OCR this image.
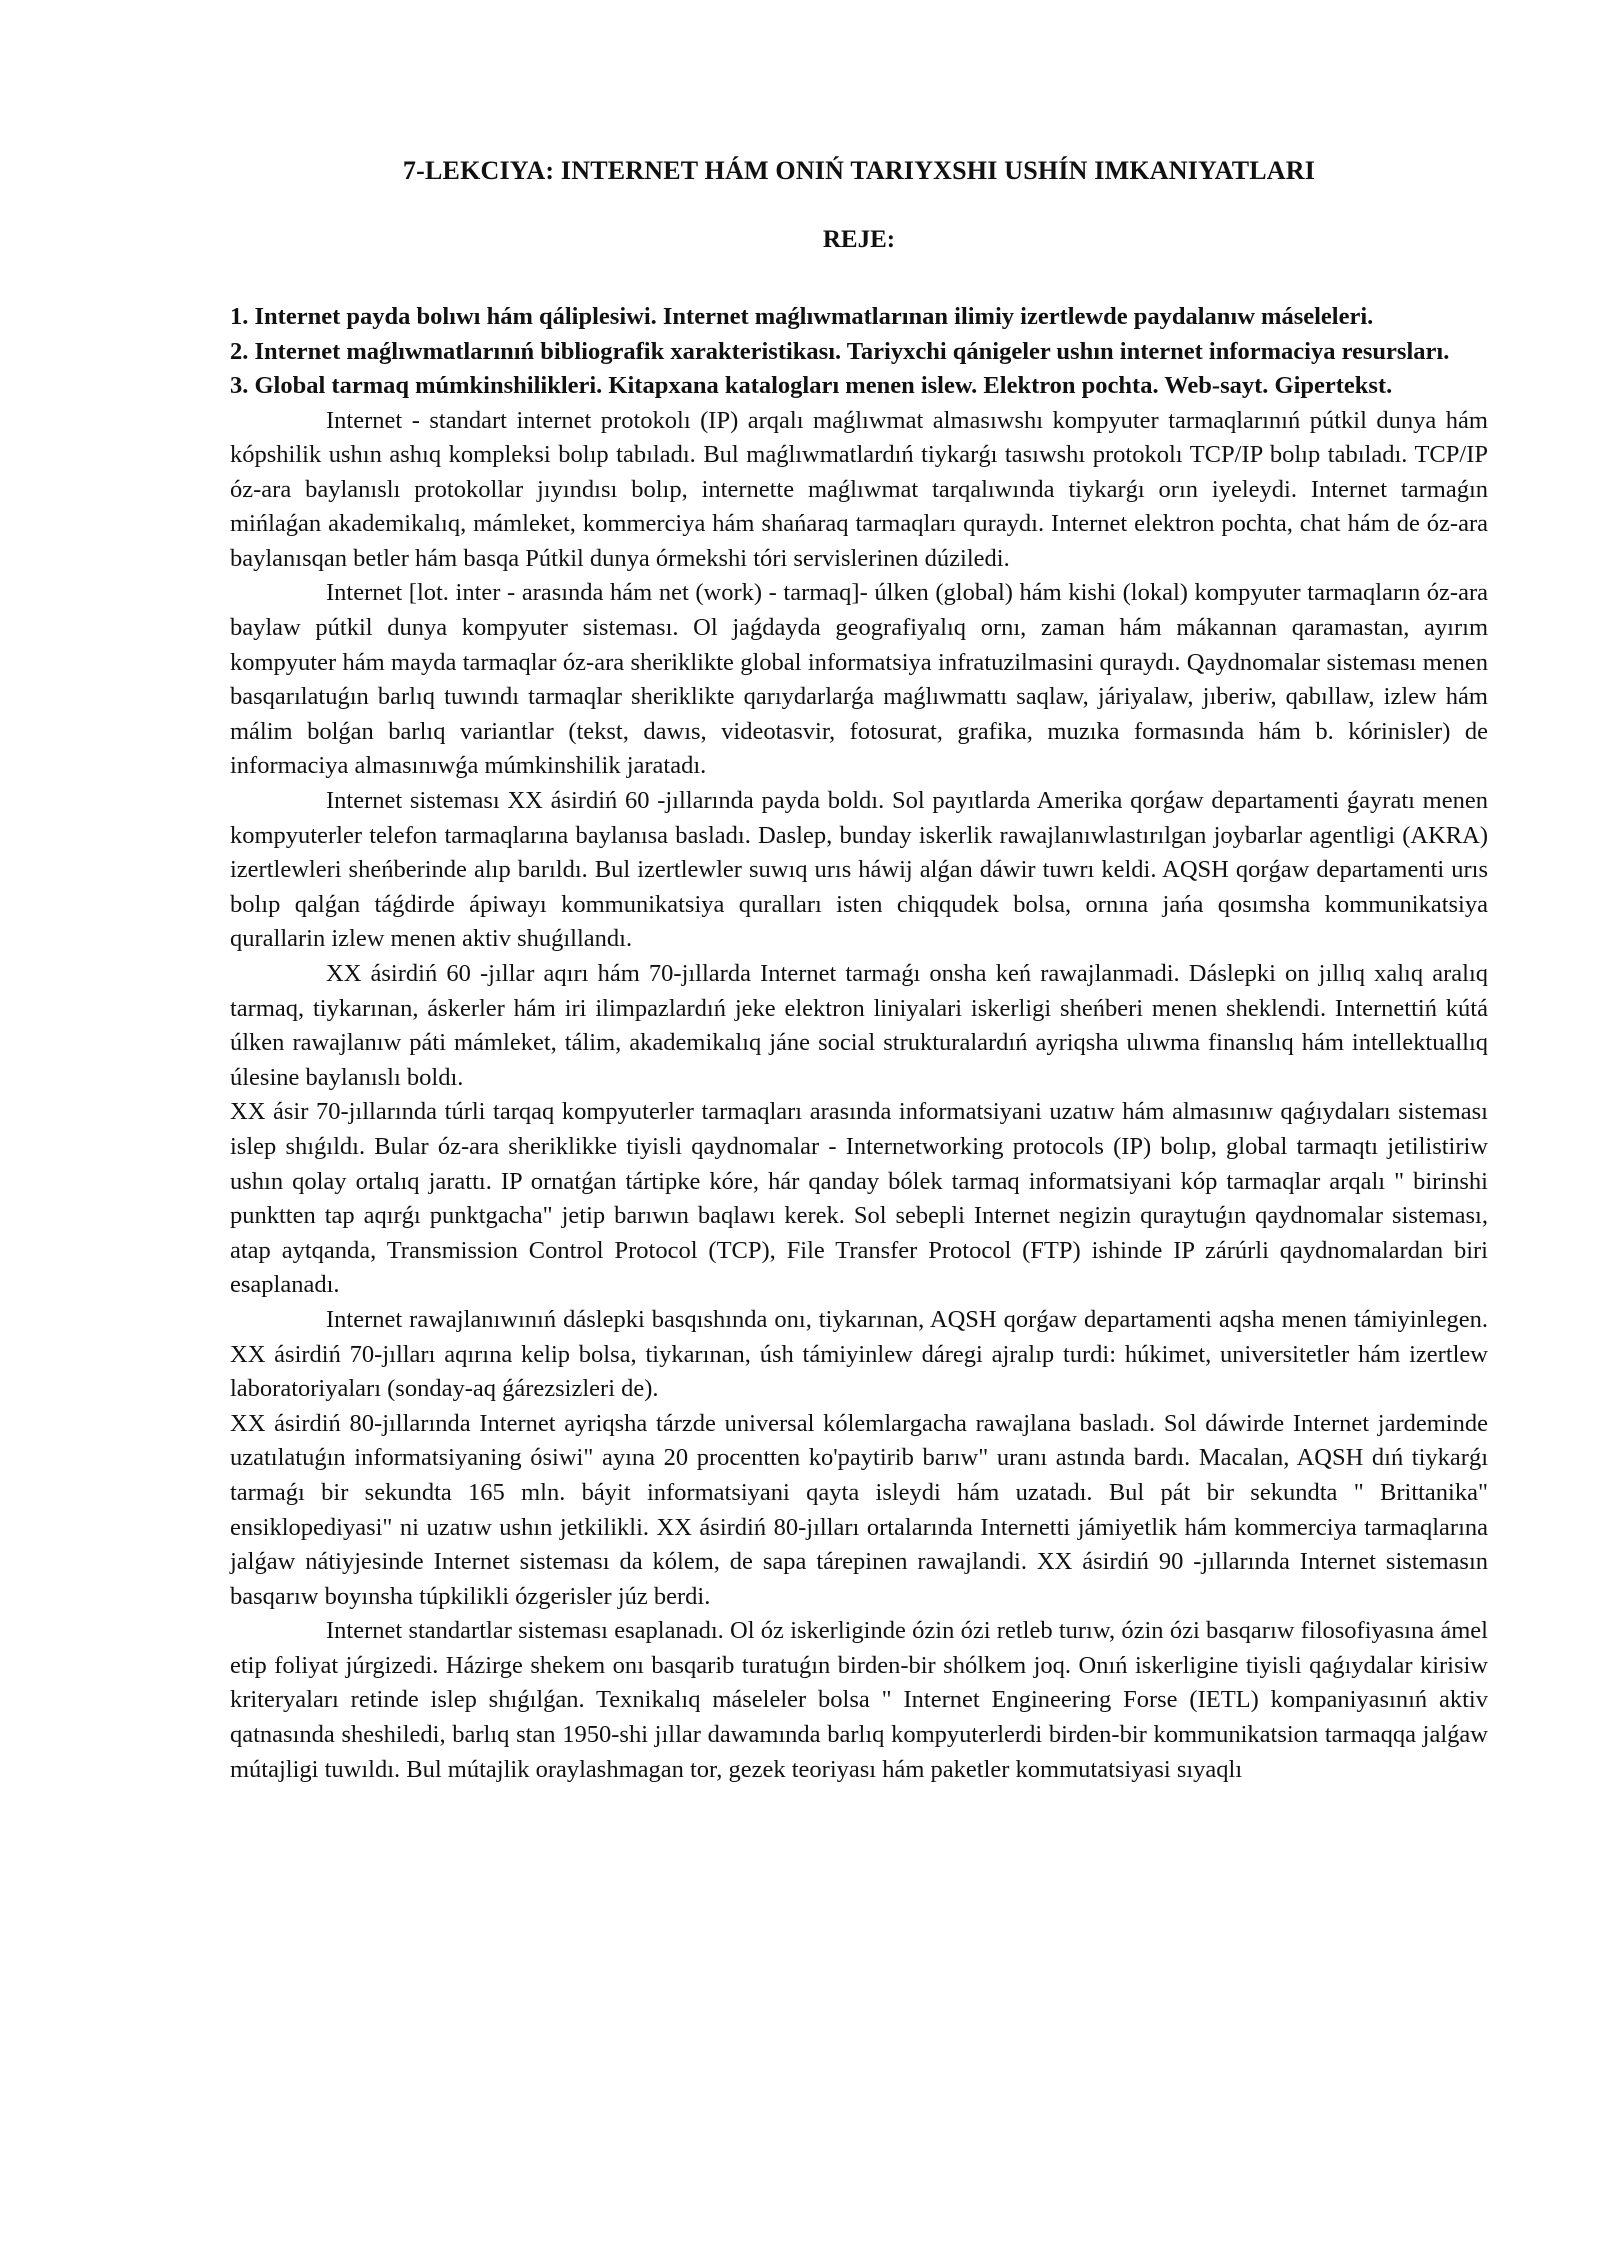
7-LEKCIYA: INTERNET HÁM ONIŃ TARIYXSHI USHÍN IMKANIYATLARI
REJE:
1. Internet payda bolıwı hám qáliplesiwi. Internet maǵlıwmatlarınan ilimiy izertlewde paydalanıw máseleleri.
2. Internet maǵlıwmatlarınıń bibliografik xarakteristikası. Tariyxchi qánigeler ushın internet informaciya resursları.
3. Global tarmaq múmkinshilikleri. Kitapxana katalogları menen islew. Elektron pochta. Web-sayt. Gipertekst.

Internet - standart internet protokolı (IP) arqalı maǵlıwmat almasıwshı kompyuter tarmaqlarınıń pútkil dunya hám kópshilik ushın ashıq kompleksi bolıp tabıladı. Bul maǵlıwmatlardıń tiykarǵı tasıwshı protokolı TCP/IP bolıp tabıladı. TCP/IP óz-ara baylanıslı protokollar jıyındısı bolıp, internette maǵlıwmat tarqalıwında tiykarǵı orın iyeleydi. Internet tarmaǵın mińlaǵan akademikalıq, mámleket, kommerciya hám shańaraq tarmaqları quraydı. Internet elektron pochta, chat hám de óz-ara baylanısqan betler hám basqa Pútkil dunya órmekshi tóri servislerinen dúziledi.

Internet [lot. inter - arasında hám net (work) - tarmaq]- úlken (global) hám kishi (lokal) kompyuter tarmaqların óz-ara baylaw pútkil dunya kompyuter sisteması. Ol jaǵdayda geografiyalıq ornı, zaman hám mákannan qaramastan, ayırım kompyuter hám mayda tarmaqlar óz-ara sheriklikte global informatsiya infratuzilmasini quraydı. Qaydnomalar sisteması menen basqarılatuǵın barlıq tuwındı tarmaqlar sheriklikte qarıydarlarǵa maǵlıwmattı saqlaw, járiyalaw, jıberiw, qabıllaw, izlew hám málim bolǵan barlıq variantlar (tekst, dawıs, videotasvir, fotosurat, grafika, muzıka formasında hám b. kórinisler) de informaciya almasınıwǵa múmkinshilik jaratadı.

Internet sisteması XX ásirdiń 60 -jıllarında payda boldı. Sol payıtlarda Amerika qorǵaw departamenti ǵayratı menen kompyuterler telefon tarmaqlarına baylanısa basladı. Daslep, bunday iskerlik rawajlanıwlastırılgan joybarlar agentligi (AKRA) izertlewleri sheńberinde alıp barıldı. Bul izertlewler suwıq urıs háwij alǵan dáwir tuwrı keldi. AQSH qorǵaw departamenti urıs bolıp qalǵan táǵdirde ápiwayı kommunikatsiya quralları isten chiqqudek bolsa, ornına jańa qosımsha kommunikatsiya qurallarin izlew menen aktiv shuǵıllandı.

XX ásirdiń 60 -jıllar aqırı hám 70-jıllarda Internet tarmaǵı onsha keń rawajlanmadi. Dáslepki on jıllıq xalıq aralıq tarmaq, tiykarınan, áskerler hám iri ilimpazlardıń jeke elektron liniyalari iskerligi sheńberi menen sheklendi. Internettiń kútá úlken rawajlanıw páti mámleket, tálim, akademikalıq jáne social strukturalardıń ayriqsha ulıwma finanslıq hám intellektuallıq úlesine baylanıslı boldı.

XX ásir 70-jıllarında túrli tarqaq kompyuterler tarmaqları arasında informatsiyani uzatıw hám almasınıw qaǵıydaları sisteması islep shıǵıldı. Bular óz-ara sheriklikke tiyisli qaydnomalar - Internetworking protocols (IP) bolıp, global tarmaqtı jetilistiriw ushın qolay ortalıq jarattı. IP ornatǵan tártipke kóre, hár qanday bólek tarmaq informatsiyani kóp tarmaqlar arqalı " birinshi punktten tap aqırǵı punktgacha" jetip barıwın baqlawı kerek. Sol sebepli Internet negizin quraytuǵın qaydnomalar sisteması, atap aytqanda, Transmission Control Protocol (TCP), File Transfer Protocol (FTP) ishinde IP zárúrli qaydnomalardan biri esaplanadı.

Internet rawajlanıwınıń dáslepki basqıshında onı, tiykarınan, AQSH qorǵaw departamenti aqsha menen támiyinlegen. XX ásirdiń 70-jılları aqırına kelip bolsa, tiykarınan, úsh támiyinlew dáregi ajralıp turdi: húkimet, universitetler hám izertlew laboratoriyaları (sonday-aq ǵárezsizleri de).

XX ásirdiń 80-jıllarında Internet ayriqsha tárzde universal kólemlargacha rawajlana basladı. Sol dáwirde Internet jardeminde uzatılatuǵın informatsiyaning ósiwi" ayına 20 procentten ko'paytirib barıw" uranı astında bardı. Macalan, AQSH dıń tiykarǵı tarmaǵı bir sekundta 165 mln. báyit informatsiyani qayta isleydi hám uzatadı. Bul pát bir sekundta " Brittanika" ensiklopediyasi" ni uzatıw ushın jetkilikli. XX ásirdiń 80-jılları ortalarında Internetti jámiyetlik hám kommerciya tarmaqlarına jalǵaw nátiyjesinde Internet sisteması da kólem, de sapa tárepinen rawajlandi. XX ásirdiń 90 -jıllarında Internet sistemasın basqarıw boyınsha túpkilikli ózgerisler júz berdi.

Internet standartlar sisteması esaplanadı. Ol óz iskerliginde ózin ózi retleb turıw, ózin ózi basqarıw filosofiyasına ámel etip foliyat júrgizedi. Házirge shekem onı basqarib turatuǵın birden-bir shólkem joq. Onıń iskerligine tiyisli qaǵıydalar kirisiw kriteryaları retinde islep shıǵılǵan. Texnikalıq máseleler bolsa " Internet Engineering Forse (IETL) kompaniyasınıń aktiv qatnasında sheshiledi, barlıq stan 1950-shi jıllar dawamında barlıq kompyuterlerdi birden-bir kommunikatsion tarmaqqa jalǵaw mútajligi tuwıldı. Bul mútajlik oraylashmagan tor, gezek teoriyası hám paketler kommutatsiyasi sıyaqlı
